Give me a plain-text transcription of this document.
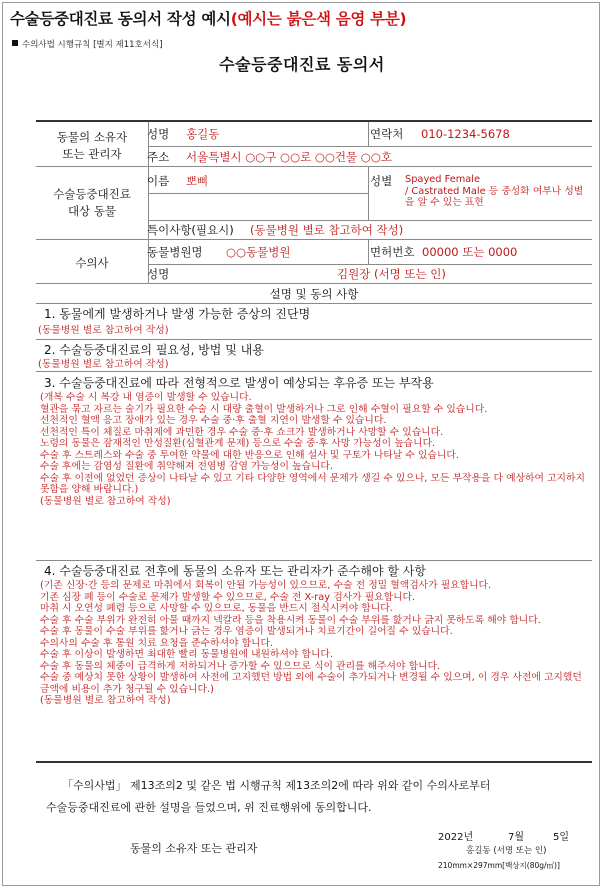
수술등중대진료 동의서 작성 예시(예시는 붉은색 음영 부분)
수의사법 시행규칙 [별지 제11호서식]
수술등중대진료 동의서
동물의 소유자
또는 관리자
성명 홍길동	연락처 010-1234-5678
주소 서울특별시 ○○구 ○○로 ○○건물 ○○호
수술등중대진료
대상 동물
이름 뽀삐	성별 Spayed Female
/ Castrated Male 등 중성화 여부나 성별을 알 수 있는 표현
특이사항(필요시) (동물병원 별로 참고하여 작성)
수의사
동물병원명 ○○동물병원	면허번호 00000 또는 0000
성명	김원장 (서명 또는 인)
설명 및 동의 사항
1. 동물에게 발생하거나 발생 가능한 증상의 진단명
(동물병원 별로 참고하여 작성)
2. 수술등중대진료의 필요성, 방법 및 내용
(동물병원 별로 참고하여 작성)
3. 수술등중대진료에 따라 전형적으로 발생이 예상되는 후유증 또는 부작용
(개복 수술 시 복강 내 염증이 발생할 수 있습니다.
혈관을 묶고 자르는 술기가 필요한 수술 시 대량 출혈이 발생하거나 그로 인해 수혈이 필요할 수 있습니다.
선천적인 혈액 응고 장애가 있는 경우 수술 중·후 출혈 지연이 발생할 수 있습니다.
선천적인 특이 체질로 마취제에 과민한 경우 수술 중·후 쇼크가 발생하거나 사망할 수 있습니다.
노령의 동물은 잠재적인 만성질환(심혈관계 문제) 등으로 수술 중·후 사망 가능성이 높습니다.
수술 후 스트레스와 수술 중 투여한 약물에 대한 반응으로 인해 설사 및 구토가 나타날 수 있습니다.
수술 후에는 감염성 질환에 취약해져 전염병 감염 가능성이 높습니다.
수술 후 이전에 없었던 증상이 나타날 수 있고 기타 다양한 영역에서 문제가 생길 수 있으나, 모든 부작용을 다 예상하여 고지하지 못함을 양해 바랍니다.)
(동물병원 별로 참고하여 작성)
4. 수술등중대진료 전후에 동물의 소유자 또는 관리자가 준수해야 할 사항
(기존 신장·간 등의 문제로 마취에서 회복이 안될 가능성이 있으므로, 수술 전 정밀 혈액검사가 필요합니다.
기존 심장 폐 등이 수술로 문제가 발생할 수 있으므로, 수술 전 X-ray 검사가 필요합니다.
마취 시 오연성 폐렴 등으로 사망할 수 있으므로, 동물을 반드시 절식시켜야 합니다.
수술 후 수술 부위가 완전히 아물 때까지 넥칼라 등을 착용시켜 동물이 수술 부위를 핥거나 긁지 못하도록 해야 합니다.
수술 후 동물이 수술 부위를 핥거나 긁는 경우 염증이 발생되거나 치료기간이 길어질 수 있습니다.
수의사의 수술 후 통원 치료 요청을 준수하셔야 합니다.
수술 후 이상이 발생하면 최대한 빨리 동물병원에 내원하셔야 합니다.
수술 후 동물의 체중이 급격하게 저하되거나 증가할 수 있으므로 식이 관리를 해주셔야 합니다.
수술 중 예상치 못한 상황이 발생하여 사전에 고지했던 방법 외에 수술이 추가되거나 변경될 수 있으며, 이 경우 사전에 고지했던 금액에 비용이 추가 청구될 수 있습니다.)
(동물병원 별로 참고하여 작성)
「수의사법」 제13조의2 및 같은 법 시행규칙 제13조의2에 따라 위와 같이 수의사로부터
수술등중대진료에 관한 설명을 들었으며, 위 진료행위에 동의합니다.
2022년	7월	5일
동물의 소유자 또는 관리자	홍길동 (서명 또는 인)
210mm×297mm[백상지(80g/㎡)]
